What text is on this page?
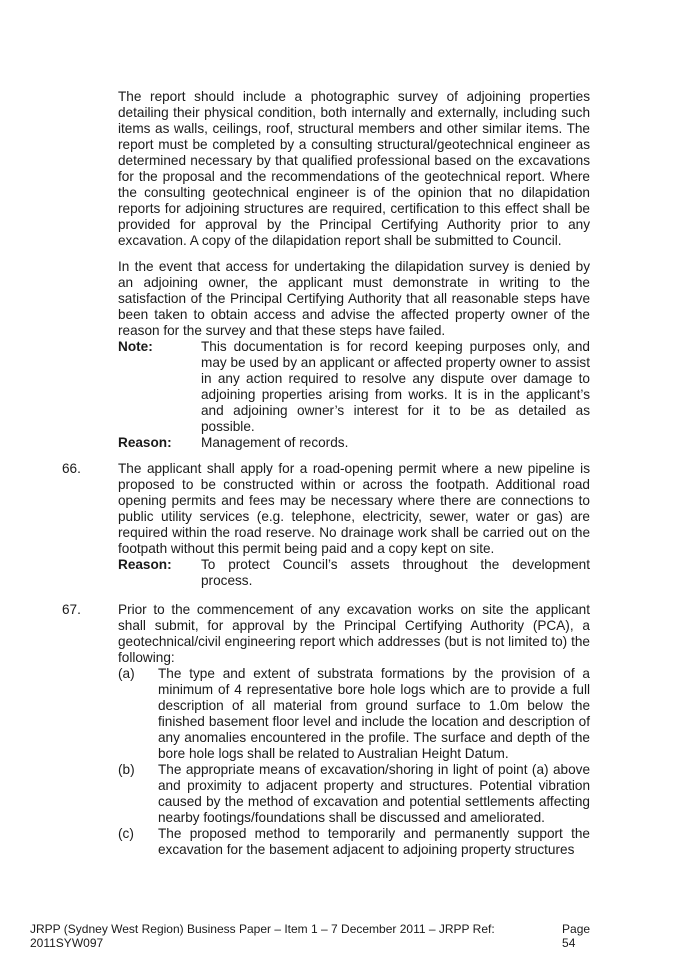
The report should include a photographic survey of adjoining properties detailing their physical condition, both internally and externally, including such items as walls, ceilings, roof, structural members and other similar items. The report must be completed by a consulting structural/geotechnical engineer as determined necessary by that qualified professional based on the excavations for the proposal and the recommendations of the geotechnical report. Where the consulting geotechnical engineer is of the opinion that no dilapidation reports for adjoining structures are required, certification to this effect shall be provided for approval by the Principal Certifying Authority prior to any excavation. A copy of the dilapidation report shall be submitted to Council.

In the event that access for undertaking the dilapidation survey is denied by an adjoining owner, the applicant must demonstrate in writing to the satisfaction of the Principal Certifying Authority that all reasonable steps have been taken to obtain access and advise the affected property owner of the reason for the survey and that these steps have failed.

Note:	This documentation is for record keeping purposes only, and may be used by an applicant or affected property owner to assist in any action required to resolve any dispute over damage to adjoining properties arising from works. It is in the applicant’s and adjoining owner’s interest for it to be as detailed as possible.
Reason:	Management of records.
66.	The applicant shall apply for a road-opening permit where a new pipeline is proposed to be constructed within or across the footpath. Additional road opening permits and fees may be necessary where there are connections to public utility services (e.g. telephone, electricity, sewer, water or gas) are required within the road reserve. No drainage work shall be carried out on the footpath without this permit being paid and a copy kept on site.

Reason:	To protect Council’s assets throughout the development process.
67.	Prior to the commencement of any excavation works on site the applicant shall submit, for approval by the Principal Certifying Authority (PCA), a geotechnical/civil engineering report which addresses (but is not limited to) the following:

(a)	The type and extent of substrata formations by the provision of a minimum of 4 representative bore hole logs which are to provide a full description of all material from ground surface to 1.0m below the finished basement floor level and include the location and description of any anomalies encountered in the profile. The surface and depth of the bore hole logs shall be related to Australian Height Datum.
(b)	The appropriate means of excavation/shoring in light of point (a) above and proximity to adjacent property and structures. Potential vibration caused by the method of excavation and potential settlements affecting nearby footings/foundations shall be discussed and ameliorated.
(c)	The proposed method to temporarily and permanently support the excavation for the basement adjacent to adjoining property structures
JRPP (Sydney West Region) Business Paper – Item 1 – 7 December 2011 – JRPP Ref: 2011SYW097
Page 54
